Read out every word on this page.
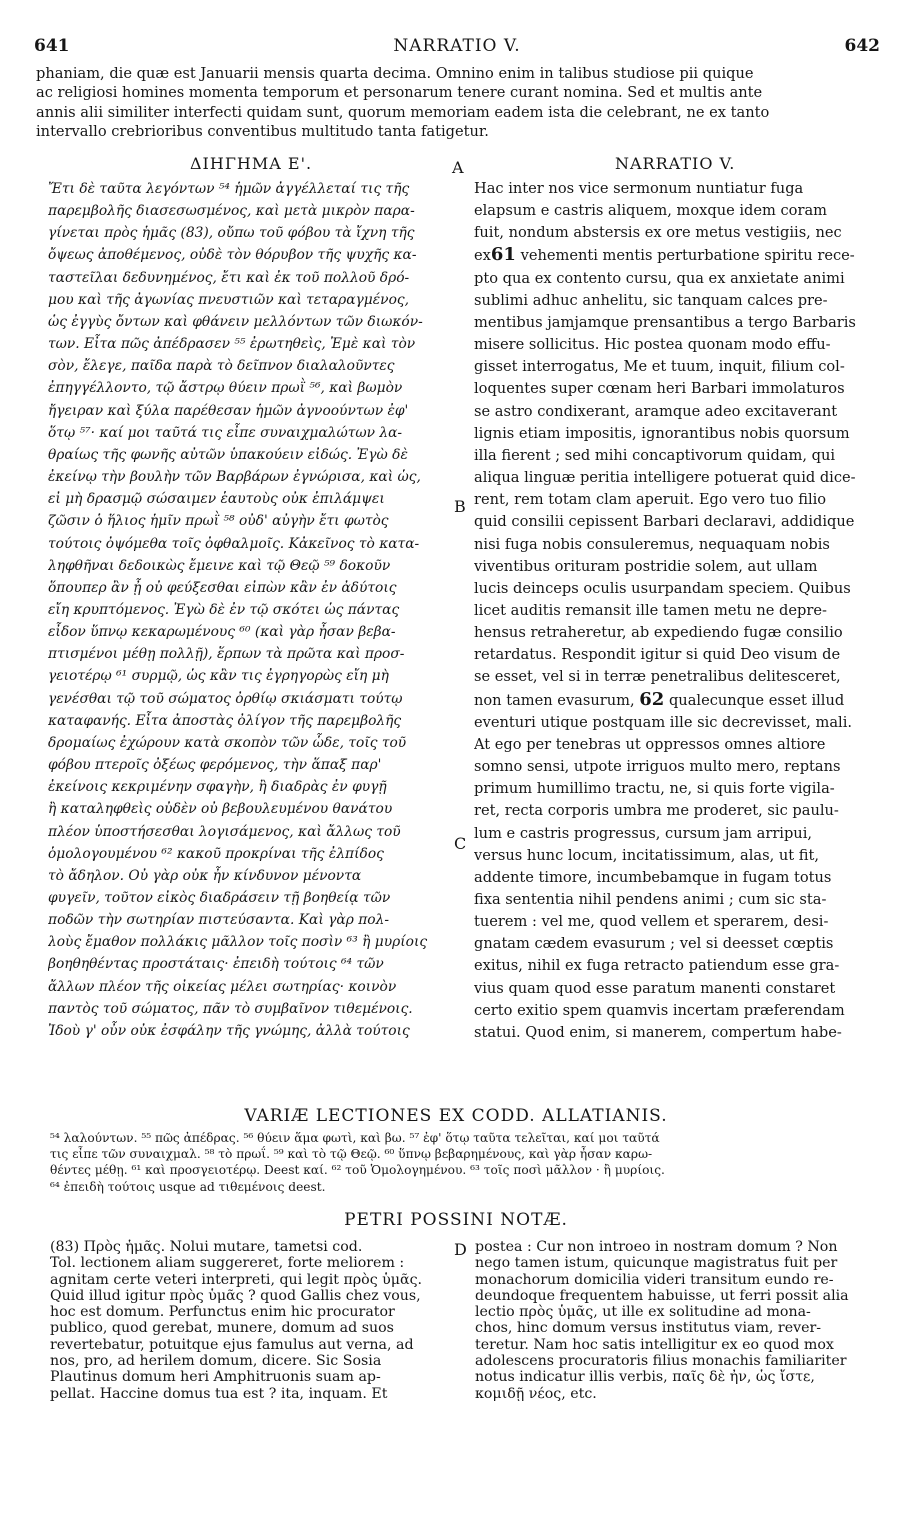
641	NARRATIO V.	642

phaniam, die quæ est Januarii mensis quarta decima. Omnino enim in talibus studiose pii quique
ac religiosi homines momenta temporum et personarum tenere curant nomina. Sed et multis ante
annis alii similiter interfecti quidam sunt, quorum memoriam eadem ista die celebrant, ne ex tanto
intervallo crebrioribus conventibus multitudo tanta fatigetur.

ΔΙΗΓΗΜΑ Ε'.	NARRATIO V.
A
B
C
D
Ἔτι δὲ ταῦτα λεγόντων ⁵⁴ ἡμῶν ἀγγέλλεταί τις τῆς
παρεμβολῆς διασεσωσμένος, καὶ μετὰ μικρὸν παρα-
γίνεται πρὸς ἡμᾶς (83), οὔπω τοῦ φόβου τὰ ἴχνη τῆς
ὄψεως ἀποθέμενος, οὐδὲ τὸν θόρυβον τῆς ψυχῆς κα-
ταστεῖλαι δεδυνημένος, ἔτι καὶ ἐκ τοῦ πολλοῦ δρό-
μου καὶ τῆς ἀγωνίας πνευστιῶν καὶ τεταραγμένος,
ὡς ἐγγὺς ὄντων καὶ φθάνειν μελλόντων τῶν διωκόν-
των. Εἶτα πῶς ἀπέδρασεν ⁵⁵ ἐρωτηθεὶς, Ἐμὲ καὶ τὸν
σὸν, ἔλεγε, παῖδα παρὰ τὸ δεῖπνον διαλαλοῦντες
ἐπηγγέλλοντο, τῷ ἄστρῳ θύειν πρωῒ ⁵⁶, καὶ βωμὸν
ἤγειραν καὶ ξύλα παρέθεσαν ἡμῶν ἀγνοούντων ἐφ'
ὅτῳ ⁵⁷· καί μοι ταῦτά τις εἶπε συναιχμαλώτων λα-
θραίως τῆς φωνῆς αὐτῶν ὑπακούειν εἰδώς. Ἐγὼ δὲ
ἐκείνῳ τὴν βουλὴν τῶν Βαρβάρων ἐγνώρισα, καὶ ὡς,
εἰ μὴ δρασμῷ σώσαιμεν ἑαυτοὺς οὐκ ἐπιλάμψει
ζῶσιν ὁ ἥλιος ἡμῖν πρωῒ ⁵⁸ οὐδ' αὐγὴν ἔτι φωτὸς
τούτοις ὀψόμεθα τοῖς ὀφθαλμοῖς. Κἀκεῖνος τὸ κατα-
ληφθῆναι δεδοικὼς ἔμεινε καὶ τῷ Θεῷ ⁵⁹ δοκοῦν
ὅπουπερ ἂν ᾖ οὐ φεύξεσθαι εἰπὼν κἂν ἐν ἀδύτοις
εἴη κρυπτόμενος. Ἐγὼ δὲ ἐν τῷ σκότει ὡς πάντας
εἶδον ὕπνῳ κεκαρωμένους ⁶⁰ (καὶ γὰρ ἦσαν βεβα-
πτισμένοι μέθῃ πολλῇ), ἕρπων τὰ πρῶτα καὶ προσ-
γειοτέρῳ ⁶¹ συρμῷ, ὡς κἂν τις ἐγρηγορὼς εἴη μὴ
γενέσθαι τῷ τοῦ σώματος ὀρθίῳ σκιάσματι τούτῳ
καταφανής. Εἶτα ἀποστὰς ὀλίγον τῆς παρεμβολῆς
δρομαίως ἐχώρουν κατὰ σκοπὸν τῶν ὧδε, τοῖς τοῦ
φόβου πτεροῖς ὀξέως φερόμενος, τὴν ἅπαξ παρ'
ἐκείνοις κεκριμένην σφαγὴν, ἢ διαδρὰς ἐν φυγῇ
ἢ καταληφθεὶς οὐδὲν οὐ βεβουλευμένου θανάτου
πλέον ὑποστήσεσθαι λογισάμενος, καὶ ἄλλως τοῦ
ὁμολογουμένου ⁶² κακοῦ προκρίναι τῆς ἐλπίδος
τὸ ἄδηλον. Οὐ γὰρ οὐκ ἦν κίνδυνον μένοντα
φυγεῖν, τοῦτον εἰκὸς διαδράσειν τῇ βοηθείᾳ τῶν
ποδῶν τὴν σωτηρίαν πιστεύσαντα. Καὶ γὰρ πολ-
λοὺς ἔμαθον πολλάκις μᾶλλον τοῖς ποσὶν ⁶³ ἢ μυρίοις
βοηθηθέντας προστάταις· ἐπειδὴ τούτοις ⁶⁴ τῶν
ἄλλων πλέον τῆς οἰκείας μέλει σωτηρίας· κοινὸν
παντὸς τοῦ σώματος, πᾶν τὸ συμβαῖνον τιθεμένοις.
Ἰδοὺ γ' οὖν οὐκ ἐσφάλην τῆς γνώμης, ἀλλὰ τούτοις
Hac inter nos vice sermonum nuntiatur fuga
elapsum e castris aliquem, moxque idem coram
fuit, nondum abstersis ex ore metus vestigiis, nec
ex61 vehementi mentis perturbatione spiritu rece-
pto qua ex contento cursu, qua ex anxietate animi
sublimi adhuc anhelitu, sic tanquam calces pre-
mentibus jamjamque prensantibus a tergo Barbaris
misere sollicitus. Hic postea quonam modo effu-
gisset interrogatus, Me et tuum, inquit, filium col-
loquentes super cœnam heri Barbari immolaturos
se astro condixerant, aramque adeo excitaverant
lignis etiam impositis, ignorantibus nobis quorsum
illa fierent ; sed mihi concaptivorum quidam, qui
aliqua linguæ peritia intelligere potuerat quid dice-
rent, rem totam clam aperuit. Ego vero tuo filio
quid consilii cepissent Barbari declaravi, addidique
nisi fuga nobis consuleremus, nequaquam nobis
viventibus orituram postridie solem, aut ullam
lucis deinceps oculis usurpandam speciem. Quibus
licet auditis remansit ille tamen metu ne depre-
hensus retraheretur, ab expediendo fugæ consilio
retardatus. Respondit igitur si quid Deo visum de
se esset, vel si in terræ penetralibus delitesceret,
non tamen evasurum, 62 qualecunque esset illud
eventuri utique postquam ille sic decrevisset, mali.
At ego per tenebras ut oppressos omnes altiore
somno sensi, utpote irriguos multo mero, reptans
primum humillimo tractu, ne, si quis forte vigila-
ret, recta corporis umbra me proderet, sic paulu-
lum e castris progressus, cursum jam arripui,
versus hunc locum, incitatissimum, alas, ut fit,
addente timore, incumbebamque in fugam totus
fixa sententia nihil pendens animi ; cum sic sta-
tuerem : vel me, quod vellem et sperarem, desi-
gnatam cædem evasurum ; vel si deesset cœptis
exitus, nihil ex fuga retracto patiendum esse gra-
vius quam quod esse paratum manenti constaret
certo exitio spem quamvis incertam præferendam
statui. Quod enim, si manerem, compertum habe-
VARIÆ LECTIONES EX CODD. ALLATIANIS.

⁵⁴ λαλούντων. ⁵⁵ πῶς ἀπέδρας. ⁵⁶ θύειν ἅμα φωτὶ, καὶ βω. ⁵⁷ ἐφ' ὅτῳ ταῦτα τελεῖται, καί μοι ταῦτά
τις εἶπε τῶν συναιχμαλ. ⁵⁸ τὸ πρωΐ. ⁵⁹ καὶ τὸ τῷ Θεῷ. ⁶⁰ ὕπνῳ βεβαρημένους, καὶ γὰρ ἦσαν καρω-
θέντες μέθῃ. ⁶¹ καὶ προσγειοτέρῳ. Deest καί. ⁶² τοῦ Ὁμολογημένου. ⁶³ τοῖς ποσὶ μᾶλλον · ἢ μυρίοις.
⁶⁴ ἐπειδὴ τούτοις usque ad τιθεμένοις deest.

PETRI POSSINI NOTÆ.

(83) Πρὸς ἡμᾶς. Nolui mutare, tametsi cod.
Tol. lectionem aliam suggereret, forte meliorem :
agnitam certe veteri interpreti, qui legit πρὸς ὑμᾶς.
Quid illud igitur πρὸς ὑμᾶς ? quod Gallis chez vous,
hoc est domum. Perfunctus enim hic procurator
publico, quod gerebat, munere, domum ad suos
revertebatur, potuitque ejus famulus aut verna, ad
nos, pro, ad herilem domum, dicere. Sic Sosia
Plautinus domum heri Amphitruonis suam ap-
pellat. Haccine domus tua est ? ita, inquam. Et

postea : Cur non introeo in nostram domum ? Non
nego tamen istum, quicunque magistratus fuit per
monachorum domicilia videri transitum eundo re-
deundoque frequentem habuisse, ut ferri possit alia
lectio πρὸς ὑμᾶς, ut ille ex solitudine ad mona-
chos, hinc domum versus institutus viam, rever-
teretur. Nam hoc satis intelligitur ex eo quod mox
adolescens procuratoris filius monachis familiariter
notus indicatur illis verbis, παῖς δὲ ἦν, ὡς ἴστε,
κομιδῇ νέος, etc.
